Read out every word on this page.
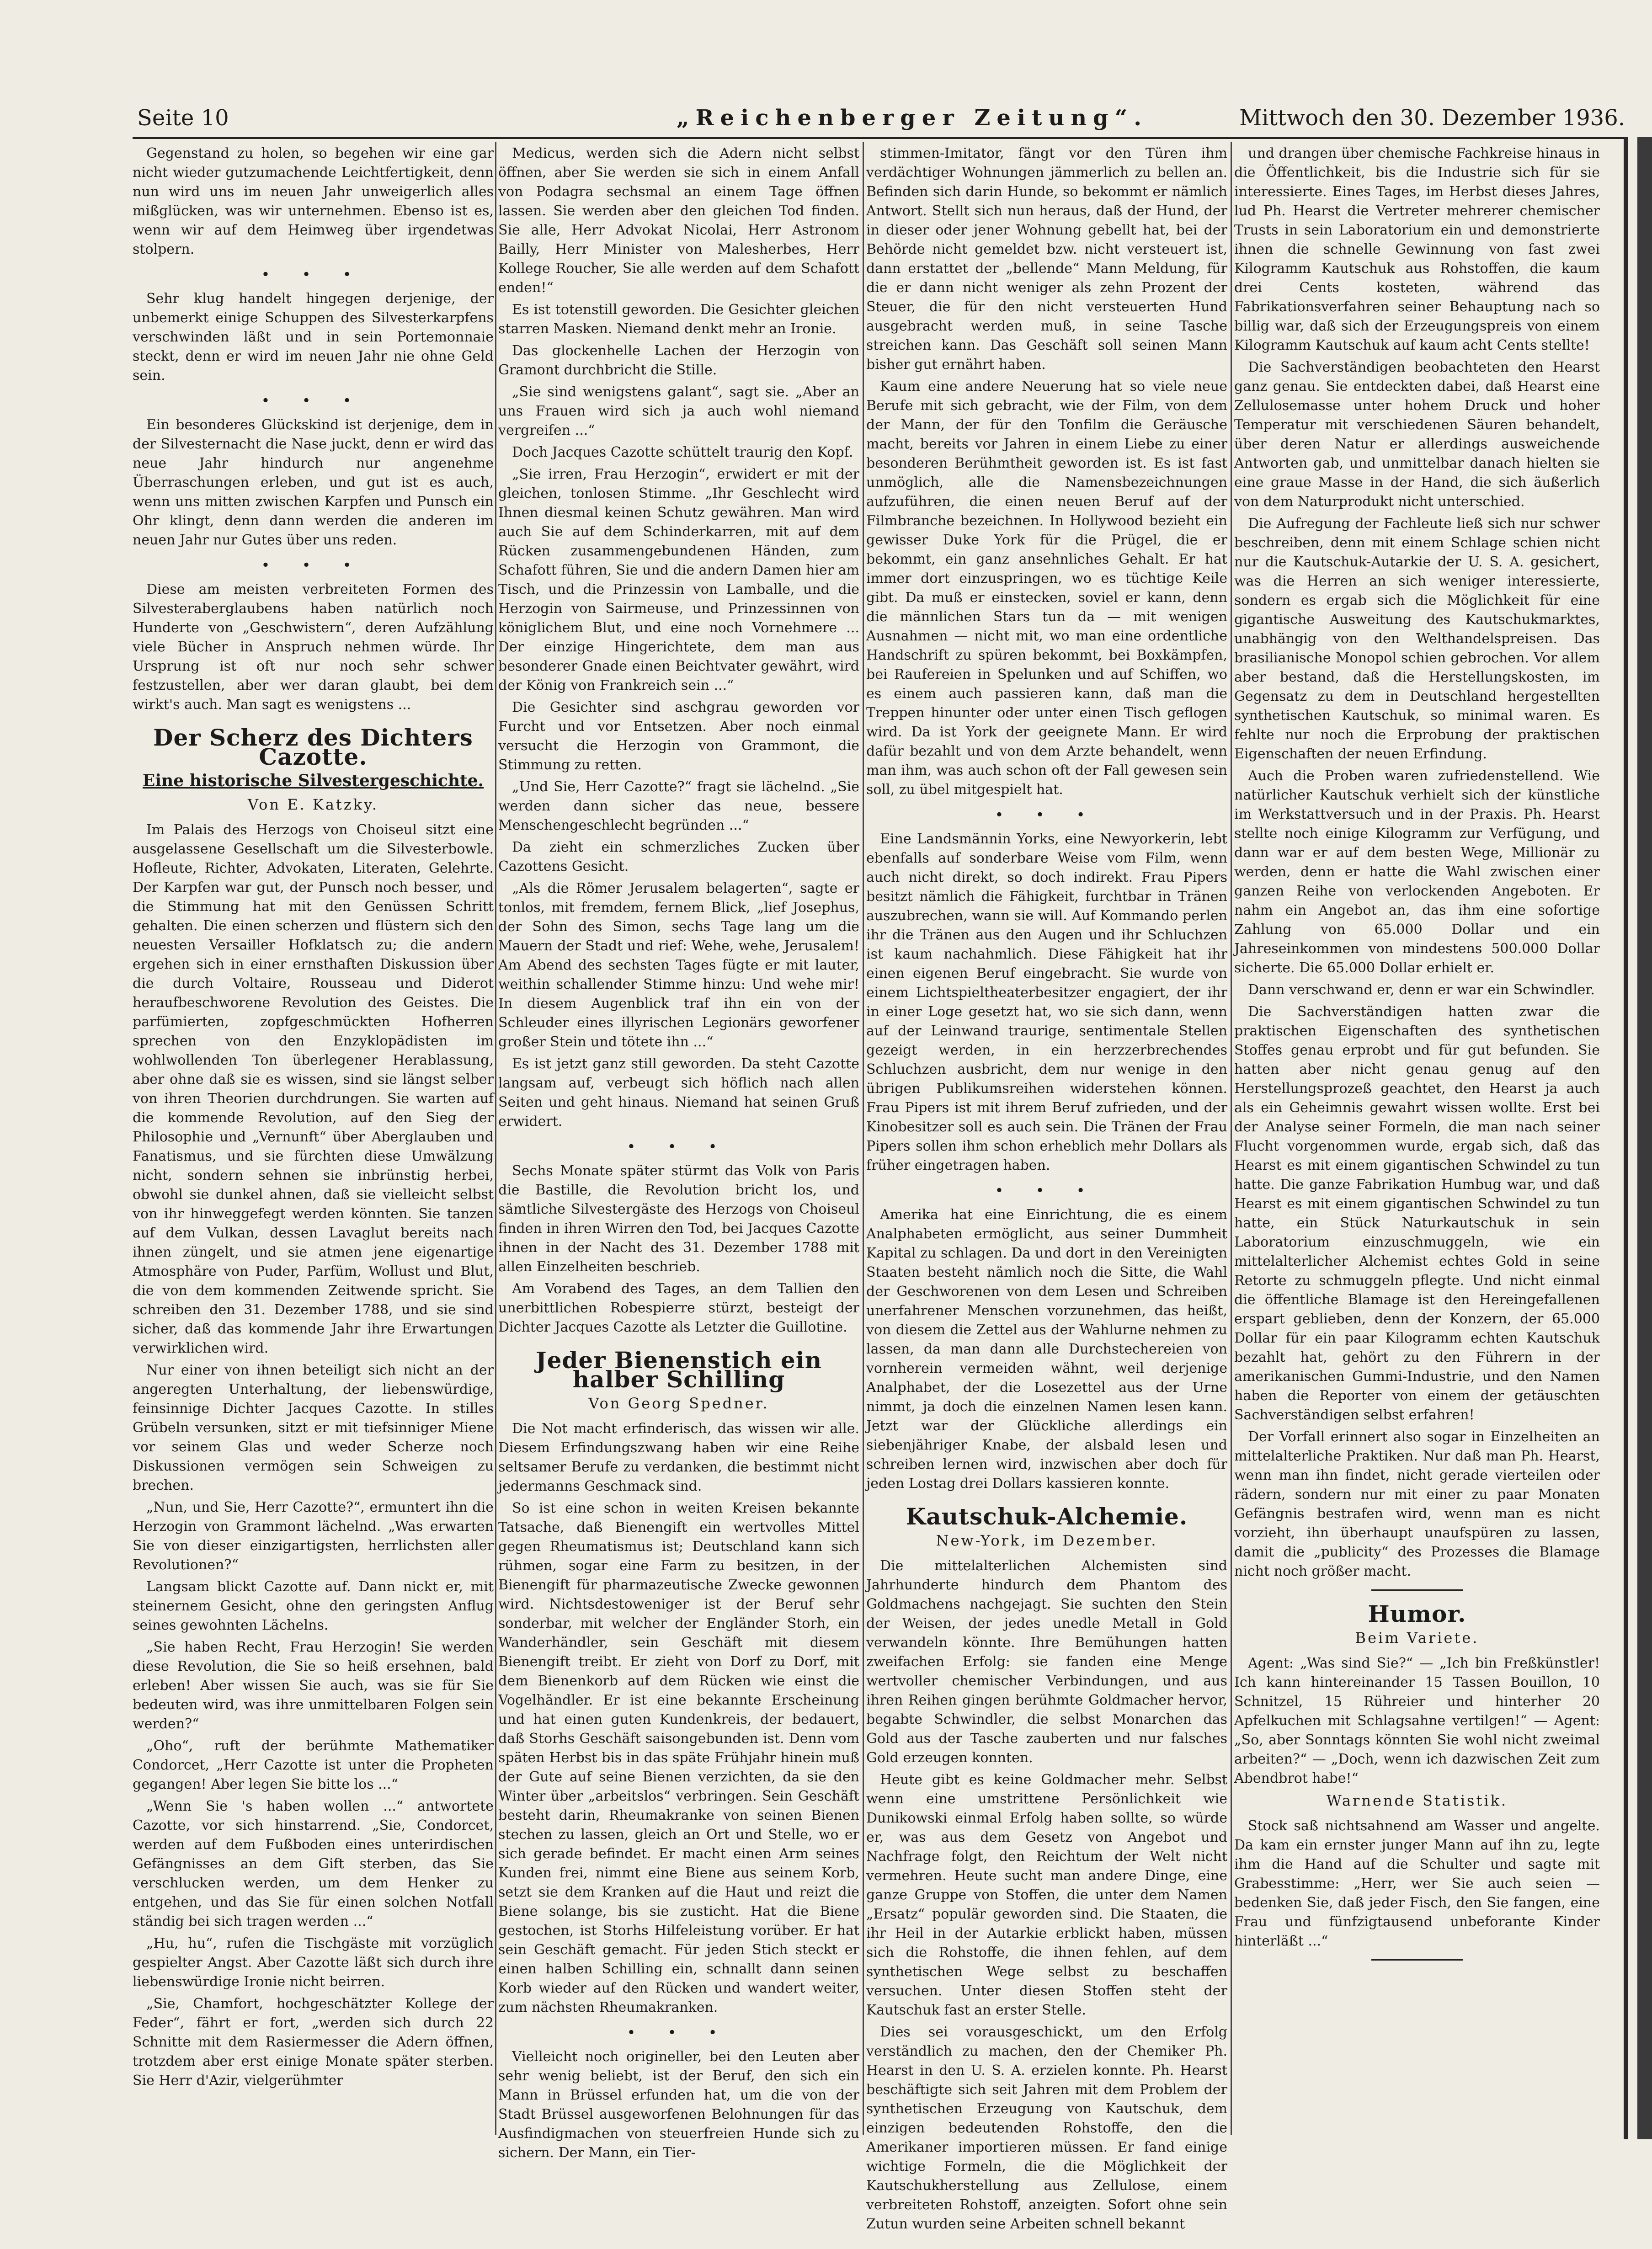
Seite 10	„Reichenberger Zeitung“.	Mittwoch den 30. Dezember 1936.

Gegenstand zu holen, so begehen wir eine gar nicht wieder gutzumachende Leichtfertigkeit, denn nun wird uns im neuen Jahr unweigerlich alles mißglücken, was wir unternehmen. Ebenso ist es, wenn wir auf dem Heimweg über irgendetwas stolpern.

• • •

Sehr klug handelt hingegen derjenige, der unbemerkt einige Schuppen des Silvesterkarpfens verschwinden läßt und in sein Portemonnaie steckt, denn er wird im neuen Jahr nie ohne Geld sein.

• • •

Ein besonderes Glückskind ist derjenige, dem in der Silvesternacht die Nase juckt, denn er wird das neue Jahr hindurch nur angenehme Überraschungen erleben, und gut ist es auch, wenn uns mitten zwischen Karpfen und Punsch ein Ohr klingt, denn dann werden die anderen im neuen Jahr nur Gutes über uns reden.

• • •

Diese am meisten verbreiteten Formen des Silvesteraberglaubens haben natürlich noch Hunderte von „Geschwistern“, deren Aufzählung viele Bücher in Anspruch nehmen würde. Ihr Ursprung ist oft nur noch sehr schwer festzustellen, aber wer daran glaubt, bei dem wirkt's auch. Man sagt es wenigstens ...

Der Scherz des Dichters Cazotte.
Eine historische Silvestergeschichte.
Von E. Katzky.

Im Palais des Herzogs von Choiseul sitzt eine ausgelassene Gesellschaft um die Silvesterbowle. Hofleute, Richter, Advokaten, Literaten, Gelehrte. Der Karpfen war gut, der Punsch noch besser, und die Stimmung hat mit den Genüssen Schritt gehalten. Die einen scherzen und flüstern sich den neuesten Versailler Hofklatsch zu; die andern ergehen sich in einer ernsthaften Diskussion über die durch Voltaire, Rousseau und Diderot heraufbeschworene Revolution des Geistes. Die parfümierten, zopfgeschmückten Hofherren sprechen von den Enzyklopädisten im wohlwollenden Ton überlegener Herablassung, aber ohne daß sie es wissen, sind sie längst selber von ihren Theorien durchdrungen. Sie warten auf die kommende Revolution, auf den Sieg der Philosophie und „Vernunft“ über Aberglauben und Fanatismus, und sie fürchten diese Umwälzung nicht, sondern sehnen sie inbrünstig herbei, obwohl sie dunkel ahnen, daß sie vielleicht selbst von ihr hinweggefegt werden könnten. Sie tanzen auf dem Vulkan, dessen Lavaglut bereits nach ihnen züngelt, und sie atmen jene eigenartige Atmosphäre von Puder, Parfüm, Wollust und Blut, die von dem kommenden Zeitwende spricht. Sie schreiben den 31. Dezember 1788, und sie sind sicher, daß das kommende Jahr ihre Erwartungen verwirklichen wird.

Nur einer von ihnen beteiligt sich nicht an der angeregten Unterhaltung, der liebenswürdige, feinsinnige Dichter Jacques Cazotte. In stilles Grübeln versunken, sitzt er mit tiefsinniger Miene vor seinem Glas und weder Scherze noch Diskussionen vermögen sein Schweigen zu brechen.

„Nun, und Sie, Herr Cazotte?“, ermuntert ihn die Herzogin von Grammont lächelnd. „Was erwarten Sie von dieser einzigartigsten, herrlichsten aller Revolutionen?“

Langsam blickt Cazotte auf. Dann nickt er, mit steinernem Gesicht, ohne den geringsten Anflug seines gewohnten Lächelns.

„Sie haben Recht, Frau Herzogin! Sie werden diese Revolution, die Sie so heiß ersehnen, bald erleben! Aber wissen Sie auch, was sie für Sie bedeuten wird, was ihre unmittelbaren Folgen sein werden?“

„Oho“, ruft der berühmte Mathematiker Condorcet, „Herr Cazotte ist unter die Propheten gegangen! Aber legen Sie bitte los ...“

„Wenn Sie 's haben wollen ...“ antwortete Cazotte, vor sich hinstarrend. „Sie, Condorcet, werden auf dem Fußboden eines unterirdischen Gefängnisses an dem Gift sterben, das Sie verschlucken werden, um dem Henker zu entgehen, und das Sie für einen solchen Notfall ständig bei sich tragen werden ...“

„Hu, hu“, rufen die Tischgäste mit vorzüglich gespielter Angst. Aber Cazotte läßt sich durch ihre liebenswürdige Ironie nicht beirren.

„Sie, Chamfort, hochgeschätzter Kollege der Feder“, fährt er fort, „werden sich durch 22 Schnitte mit dem Rasiermesser die Adern öffnen, trotzdem aber erst einige Monate später sterben. Sie Herr d'Azir, vielgerühmter

Medicus, werden sich die Adern nicht selbst öffnen, aber Sie werden sie sich in einem Anfall von Podagra sechsmal an einem Tage öffnen lassen. Sie werden aber den gleichen Tod finden. Sie alle, Herr Advokat Nicolai, Herr Astronom Bailly, Herr Minister von Malesherbes, Herr Kollege Roucher, Sie alle werden auf dem Schafott enden!“

Es ist totenstill geworden. Die Gesichter gleichen starren Masken. Niemand denkt mehr an Ironie.

Das glockenhelle Lachen der Herzogin von Gramont durchbricht die Stille.

„Sie sind wenigstens galant“, sagt sie. „Aber an uns Frauen wird sich ja auch wohl niemand vergreifen ...“

Doch Jacques Cazotte schüttelt traurig den Kopf.

„Sie irren, Frau Herzogin“, erwidert er mit der gleichen, tonlosen Stimme. „Ihr Geschlecht wird Ihnen diesmal keinen Schutz gewähren. Man wird auch Sie auf dem Schinderkarren, mit auf dem Rücken zusammengebundenen Händen, zum Schafott führen, Sie und die andern Damen hier am Tisch, und die Prinzessin von Lamballe, und die Herzogin von Sairmeuse, und Prinzessinnen von königlichem Blut, und eine noch Vornehmere ... Der einzige Hingerichtete, dem man aus besonderer Gnade einen Beichtvater gewährt, wird der König von Frankreich sein ...“

Die Gesichter sind aschgrau geworden vor Furcht und vor Entsetzen. Aber noch einmal versucht die Herzogin von Grammont, die Stimmung zu retten.

„Und Sie, Herr Cazotte?“ fragt sie lächelnd. „Sie werden dann sicher das neue, bessere Menschengeschlecht begründen ...“

Da zieht ein schmerzliches Zucken über Cazottens Gesicht.

„Als die Römer Jerusalem belagerten“, sagte er tonlos, mit fremdem, fernem Blick, „lief Josephus, der Sohn des Simon, sechs Tage lang um die Mauern der Stadt und rief: Wehe, wehe, Jerusalem! Am Abend des sechsten Tages fügte er mit lauter, weithin schallender Stimme hinzu: Und wehe mir! In diesem Augenblick traf ihn ein von der Schleuder eines illyrischen Legionärs geworfener großer Stein und tötete ihn ...“

Es ist jetzt ganz still geworden. Da steht Cazotte langsam auf, verbeugt sich höflich nach allen Seiten und geht hinaus. Niemand hat seinen Gruß erwidert.

• • •

Sechs Monate später stürmt das Volk von Paris die Bastille, die Revolution bricht los, und sämtliche Silvestergäste des Herzogs von Choiseul finden in ihren Wirren den Tod, bei Jacques Cazotte ihnen in der Nacht des 31. Dezember 1788 mit allen Einzelheiten beschrieb.

Am Vorabend des Tages, an dem Tallien den unerbittlichen Robespierre stürzt, besteigt der Dichter Jacques Cazotte als Letzter die Guillotine.

Jeder Bienenstich ein halber Schilling
Von Georg Spedner.

Die Not macht erfinderisch, das wissen wir alle. Diesem Erfindungszwang haben wir eine Reihe seltsamer Berufe zu verdanken, die bestimmt nicht jedermanns Geschmack sind.

So ist eine schon in weiten Kreisen bekannte Tatsache, daß Bienengift ein wertvolles Mittel gegen Rheumatismus ist; Deutschland kann sich rühmen, sogar eine Farm zu besitzen, in der Bienengift für pharmazeutische Zwecke gewonnen wird. Nichtsdestoweniger ist der Beruf sehr sonderbar, mit welcher der Engländer Storh, ein Wanderhändler, sein Geschäft mit diesem Bienengift treibt. Er zieht von Dorf zu Dorf, mit dem Bienenkorb auf dem Rücken wie einst die Vogelhändler. Er ist eine bekannte Erscheinung und hat einen guten Kundenkreis, der bedauert, daß Storhs Geschäft saisongebunden ist. Denn vom späten Herbst bis in das späte Frühjahr hinein muß der Gute auf seine Bienen verzichten, da sie den Winter über „arbeitslos“ verbringen. Sein Geschäft besteht darin, Rheumakranke von seinen Bienen stechen zu lassen, gleich an Ort und Stelle, wo er sich gerade befindet. Er macht einen Arm seines Kunden frei, nimmt eine Biene aus seinem Korb, setzt sie dem Kranken auf die Haut und reizt die Biene solange, bis sie zusticht. Hat die Biene gestochen, ist Storhs Hilfeleistung vorüber. Er hat sein Geschäft gemacht. Für jeden Stich steckt er einen halben Schilling ein, schnallt dann seinen Korb wieder auf den Rücken und wandert weiter, zum nächsten Rheumakranken.

• • •

Vielleicht noch origineller, bei den Leuten aber sehr wenig beliebt, ist der Beruf, den sich ein Mann in Brüssel erfunden hat, um die von der Stadt Brüssel ausgeworfenen Belohnungen für das Ausfindigmachen von steuerfreien Hunde sich zu sichern. Der Mann, ein Tier-

stimmen-Imitator, fängt vor den Türen ihm verdächtiger Wohnungen jämmerlich zu bellen an. Befinden sich darin Hunde, so bekommt er nämlich Antwort. Stellt sich nun heraus, daß der Hund, der in dieser oder jener Wohnung gebellt hat, bei der Behörde nicht gemeldet bzw. nicht versteuert ist, dann erstattet der „bellende“ Mann Meldung, für die er dann nicht weniger als zehn Prozent der Steuer, die für den nicht versteuerten Hund ausgebracht werden muß, in seine Tasche streichen kann. Das Geschäft soll seinen Mann bisher gut ernährt haben.

Kaum eine andere Neuerung hat so viele neue Berufe mit sich gebracht, wie der Film, von dem der Mann, der für den Tonfilm die Geräusche macht, bereits vor Jahren in einem Liebe zu einer besonderen Berühmtheit geworden ist. Es ist fast unmöglich, alle die Namensbezeichnungen aufzuführen, die einen neuen Beruf auf der Filmbranche bezeichnen. In Hollywood bezieht ein gewisser Duke York für die Prügel, die er bekommt, ein ganz ansehnliches Gehalt. Er hat immer dort einzuspringen, wo es tüchtige Keile gibt. Da muß er einstecken, soviel er kann, denn die männlichen Stars tun da — mit wenigen Ausnahmen — nicht mit, wo man eine ordentliche Handschrift zu spüren bekommt, bei Boxkämpfen, bei Raufereien in Spelunken und auf Schiffen, wo es einem auch passieren kann, daß man die Treppen hinunter oder unter einen Tisch geflogen wird. Da ist York der geeignete Mann. Er wird dafür bezahlt und von dem Arzte behandelt, wenn man ihm, was auch schon oft der Fall gewesen sein soll, zu übel mitgespielt hat.

• • •

Eine Landsmännin Yorks, eine Newyorkerin, lebt ebenfalls auf sonderbare Weise vom Film, wenn auch nicht direkt, so doch indirekt. Frau Pipers besitzt nämlich die Fähigkeit, furchtbar in Tränen auszubrechen, wann sie will. Auf Kommando perlen ihr die Tränen aus den Augen und ihr Schluchzen ist kaum nachahmlich. Diese Fähigkeit hat ihr einen eigenen Beruf eingebracht. Sie wurde von einem Lichtspieltheaterbesitzer engagiert, der ihr in einer Loge gesetzt hat, wo sie sich dann, wenn auf der Leinwand traurige, sentimentale Stellen gezeigt werden, in ein herzzerbrechendes Schluchzen ausbricht, dem nur wenige in den übrigen Publikumsreihen widerstehen können. Frau Pipers ist mit ihrem Beruf zufrieden, und der Kinobesitzer soll es auch sein. Die Tränen der Frau Pipers sollen ihm schon erheblich mehr Dollars als früher eingetragen haben.

• • •

Amerika hat eine Einrichtung, die es einem Analphabeten ermöglicht, aus seiner Dummheit Kapital zu schlagen. Da und dort in den Vereinigten Staaten besteht nämlich noch die Sitte, die Wahl der Geschworenen von dem Lesen und Schreiben unerfahrener Menschen vorzunehmen, das heißt, von diesem die Zettel aus der Wahlurne nehmen zu lassen, da man dann alle Durchstechereien von vornherein vermeiden wähnt, weil derjenige Analphabet, der die Losezettel aus der Urne nimmt, ja doch die einzelnen Namen lesen kann. Jetzt war der Glückliche allerdings ein siebenjähriger Knabe, der alsbald lesen und schreiben lernen wird, inzwischen aber doch für jeden Lostag drei Dollars kassieren konnte.

Kautschuk-Alchemie.
New-York, im Dezember.

Die mittelalterlichen Alchemisten sind Jahrhunderte hindurch dem Phantom des Goldmachens nachgejagt. Sie suchten den Stein der Weisen, der jedes unedle Metall in Gold verwandeln könnte. Ihre Bemühungen hatten zweifachen Erfolg: sie fanden eine Menge wertvoller chemischer Verbindungen, und aus ihren Reihen gingen berühmte Goldmacher hervor, begabte Schwindler, die selbst Monarchen das Gold aus der Tasche zauberten und nur falsches Gold erzeugen konnten.

Heute gibt es keine Goldmacher mehr. Selbst wenn eine umstrittene Persönlichkeit wie Dunikowski einmal Erfolg haben sollte, so würde er, was aus dem Gesetz von Angebot und Nachfrage folgt, den Reichtum der Welt nicht vermehren. Heute sucht man andere Dinge, eine ganze Gruppe von Stoffen, die unter dem Namen „Ersatz“ populär geworden sind. Die Staaten, die ihr Heil in der Autarkie erblickt haben, müssen sich die Rohstoffe, die ihnen fehlen, auf dem synthetischen Wege selbst zu beschaffen versuchen. Unter diesen Stoffen steht der Kautschuk fast an erster Stelle.

Dies sei vorausgeschickt, um den Erfolg verständlich zu machen, den der Chemiker Ph. Hearst in den U. S. A. erzielen konnte. Ph. Hearst beschäftigte sich seit Jahren mit dem Problem der synthetischen Erzeugung von Kautschuk, dem einzigen bedeutenden Rohstoffe, den die Amerikaner importieren müssen. Er fand einige wichtige Formeln, die die Möglichkeit der Kautschukherstellung aus Zellulose, einem verbreiteten Rohstoff, anzeigten. Sofort ohne sein Zutun wurden seine Arbeiten schnell bekannt

und drangen über chemische Fachkreise hinaus in die Öffentlichkeit, bis die Industrie sich für sie interessierte. Eines Tages, im Herbst dieses Jahres, lud Ph. Hearst die Vertreter mehrerer chemischer Trusts in sein Laboratorium ein und demonstrierte ihnen die schnelle Gewinnung von fast zwei Kilogramm Kautschuk aus Rohstoffen, die kaum drei Cents kosteten, während das Fabrikationsverfahren seiner Behauptung nach so billig war, daß sich der Erzeugungspreis von einem Kilogramm Kautschuk auf kaum acht Cents stellte!

Die Sachverständigen beobachteten den Hearst ganz genau. Sie entdeckten dabei, daß Hearst eine Zellulosemasse unter hohem Druck und hoher Temperatur mit verschiedenen Säuren behandelt, über deren Natur er allerdings ausweichende Antworten gab, und unmittelbar danach hielten sie eine graue Masse in der Hand, die sich äußerlich von dem Naturprodukt nicht unterschied.

Die Aufregung der Fachleute ließ sich nur schwer beschreiben, denn mit einem Schlage schien nicht nur die Kautschuk-Autarkie der U. S. A. gesichert, was die Herren an sich weniger interessierte, sondern es ergab sich die Möglichkeit für eine gigantische Ausweitung des Kautschukmarktes, unabhängig von den Welthandelspreisen. Das brasilianische Monopol schien gebrochen. Vor allem aber bestand, daß die Herstellungskosten, im Gegensatz zu dem in Deutschland hergestellten synthetischen Kautschuk, so minimal waren. Es fehlte nur noch die Erprobung der praktischen Eigenschaften der neuen Erfindung.

Auch die Proben waren zufriedenstellend. Wie natürlicher Kautschuk verhielt sich der künstliche im Werkstattversuch und in der Praxis. Ph. Hearst stellte noch einige Kilogramm zur Verfügung, und dann war er auf dem besten Wege, Millionär zu werden, denn er hatte die Wahl zwischen einer ganzen Reihe von verlockenden Angeboten. Er nahm ein Angebot an, das ihm eine sofortige Zahlung von 65.000 Dollar und ein Jahreseinkommen von mindestens 500.000 Dollar sicherte. Die 65.000 Dollar erhielt er.

Dann verschwand er, denn er war ein Schwindler.

Die Sachverständigen hatten zwar die praktischen Eigenschaften des synthetischen Stoffes genau erprobt und für gut befunden. Sie hatten aber nicht genau genug auf den Herstellungsprozeß geachtet, den Hearst ja auch als ein Geheimnis gewahrt wissen wollte. Erst bei der Analyse seiner Formeln, die man nach seiner Flucht vorgenommen wurde, ergab sich, daß das Hearst es mit einem gigantischen Schwindel zu tun hatte. Die ganze Fabrikation Humbug war, und daß Hearst es mit einem gigantischen Schwindel zu tun hatte, ein Stück Naturkautschuk in sein Laboratorium einzuschmuggeln, wie ein mittelalterlicher Alchemist echtes Gold in seine Retorte zu schmuggeln pflegte. Und nicht einmal die öffentliche Blamage ist den Hereingefallenen erspart geblieben, denn der Konzern, der 65.000 Dollar für ein paar Kilogramm echten Kautschuk bezahlt hat, gehört zu den Führern in der amerikanischen Gummi-Industrie, und den Namen haben die Reporter von einem der getäuschten Sachverständigen selbst erfahren!

Der Vorfall erinnert also sogar in Einzelheiten an mittelalterliche Praktiken. Nur daß man Ph. Hearst, wenn man ihn findet, nicht gerade vierteilen oder rädern, sondern nur mit einer zu paar Monaten Gefängnis bestrafen wird, wenn man es nicht vorzieht, ihn überhaupt unaufspüren zu lassen, damit die „publicity“ des Prozesses die Blamage nicht noch größer macht.

Humor.
Beim Variete.

Agent: „Was sind Sie?“ — „Ich bin Freßkünstler! Ich kann hintereinander 15 Tassen Bouillon, 10 Schnitzel, 15 Rühreier und hinterher 20 Apfelkuchen mit Schlagsahne vertilgen!“ — Agent: „So, aber Sonntags könnten Sie wohl nicht zweimal arbeiten?“ — „Doch, wenn ich dazwischen Zeit zum Abendbrot habe!“

Warnende Statistik.

Stock saß nichtsahnend am Wasser und angelte. Da kam ein ernster junger Mann auf ihn zu, legte ihm die Hand auf die Schulter und sagte mit Grabesstimme: „Herr, wer Sie auch seien — bedenken Sie, daß jeder Fisch, den Sie fangen, eine Frau und fünfzigtausend unbeforante Kinder hinterläßt ...“
